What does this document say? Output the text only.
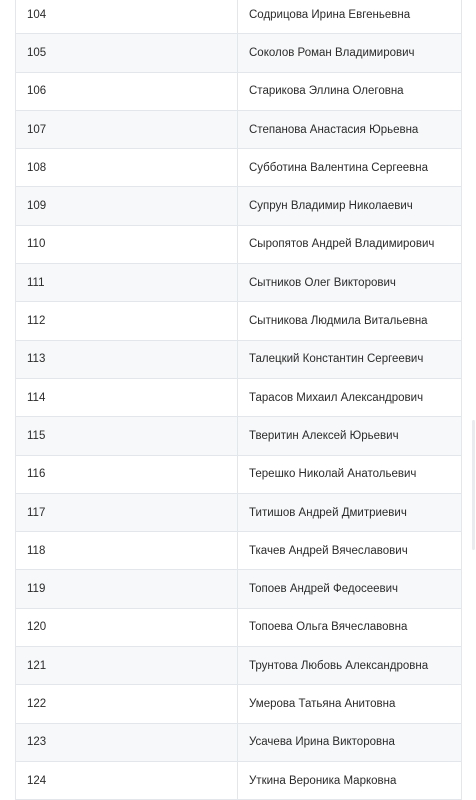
104	Содрицова Ирина Евгеньевна
105	Соколов Роман Владимирович
106	Старикова Эллина Олеговна
107	Степанова Анастасия Юрьевна
108	Субботина Валентина Сергеевна
109	Супрун Владимир Николаевич
110	Сыропятов Андрей Владимирович
111	Сытников Олег Викторович
112	Сытникова Людмила Витальевна
113	Талецкий Константин Сергеевич
114	Тарасов Михаил Александрович
115	Тверитин Алексей Юрьевич
116	Терешко Николай Анатольевич
117	Титишов Андрей Дмитриевич
118	Ткачев Андрей Вячеславович
119	Топоев Андрей Федосеевич
120	Топоева Ольга Вячеславовна
121	Трунтова Любовь Александровна
122	Умерова Татьяна Анитовна
123	Усачева Ирина Викторовна
124	Уткина Вероника Марковна
